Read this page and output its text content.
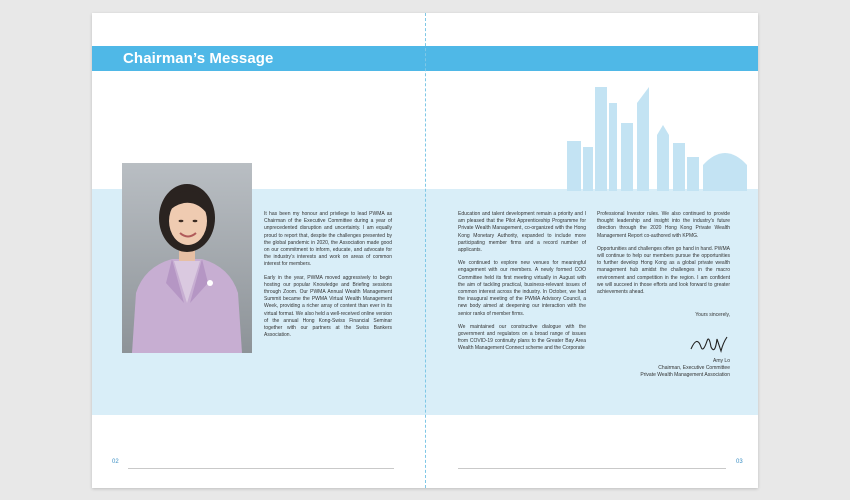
Chairman’s Message

It has been my honour and privilege to lead PWMA as Chairman of the Executive Committee during a year of unprecedented disruption and uncertainty. I am equally proud to report that, despite the challenges presented by the global pandemic in 2020, the Association made good on our commitment to inform, educate, and advocate for the industry’s interests and work on areas of common interest for members.

Early in the year, PWMA moved aggressively to begin hosting our popular Knowledge and Briefing sessions through Zoom. Our PWMA Annual Wealth Management Summit became the PWMA Virtual Wealth Management Week, providing a richer array of content than ever in its virtual format. We also held a well-received online version of the annual Hong Kong-Swiss Financial Seminar together with our partners at the Swiss Bankers Association.

02

Education and talent development remain a priority and I am pleased that the Pilot Apprenticeship Programme for Private Wealth Management, co-organized with the Hong Kong Monetary Authority, expanded to include more participating member firms and a record number of applicants.

We continued to explore new venues for meaningful engagement with our members. A newly formed COO Committee held its first meeting virtually in August with the aim of tackling practical, business-relevant issues of common interest across the industry. In October, we had the inaugural meeting of the PWMA Advisory Council, a new body aimed at deepening our interaction with the senior ranks of member firms.

We maintained our constructive dialogue with the government and regulators on a broad range of issues from COVID-19 continuity plans to the Greater Bay Area Wealth Management Connect scheme and the Corporate

Professional Investor rules. We also continued to provide thought leadership and insight into the industry’s future direction through the 2020 Hong Kong Private Wealth Management Report co-authored with KPMG.

Opportunities and challenges often go hand in hand. PWMA will continue to help our members pursue the opportunities to further develop Hong Kong as a global private wealth management hub amidst the challenges in the macro environment and competition in the region. I am confident we will succeed in those efforts and look forward to greater achievements ahead.

Yours sincerely,
Amy Lo
Chairman, Executive Committee
Private Wealth Management Association
03
